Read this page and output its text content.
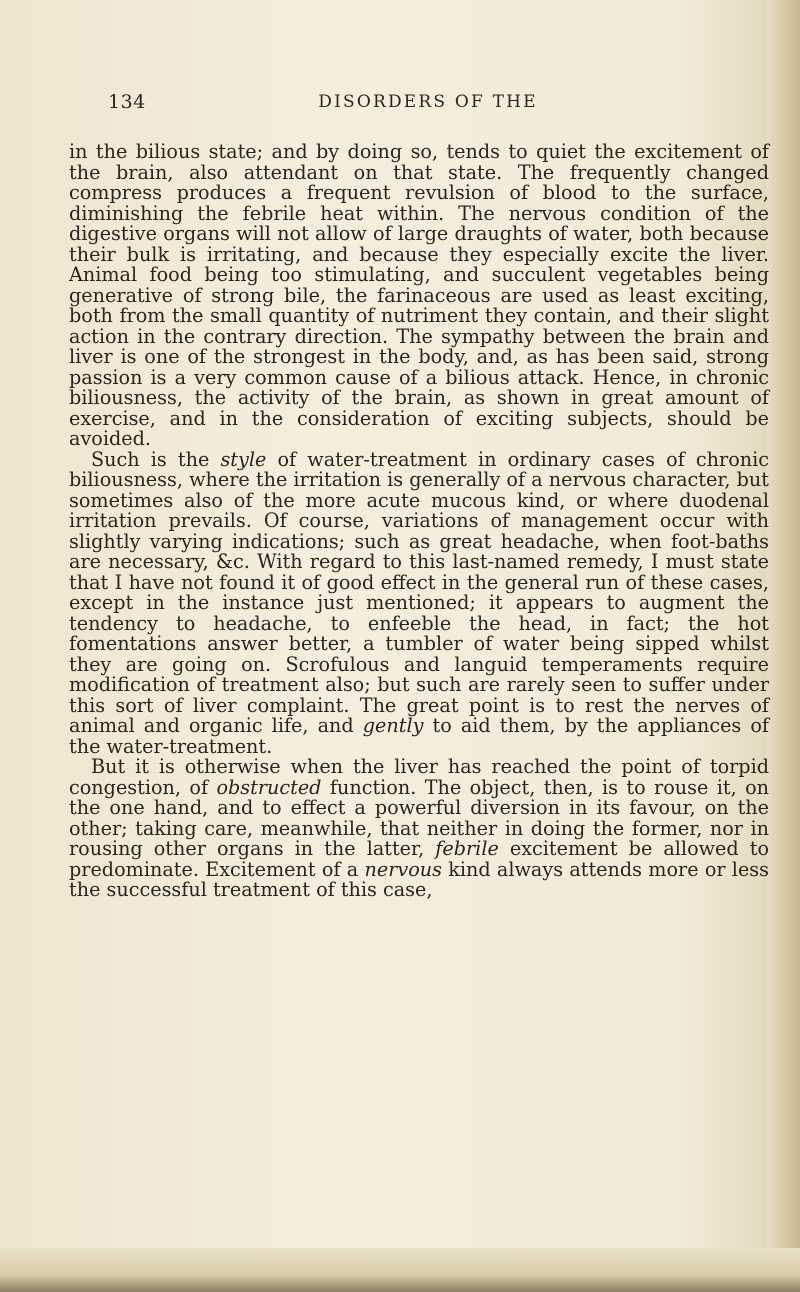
134	DISORDERS OF THE

in the bilious state; and by doing so, tends to quiet the excitement of the brain, also attendant on that state. The frequently changed compress produces a frequent revulsion of blood to the surface, diminishing the febrile heat within. The nervous condition of the digestive organs will not allow of large draughts of water, both because their bulk is irritating, and because they especially excite the liver. Animal food being too stimulating, and succulent vegetables being generative of strong bile, the farinaceous are used as least exciting, both from the small quantity of nutriment they contain, and their slight action in the contrary direction. The sympathy between the brain and liver is one of the strongest in the body, and, as has been said, strong passion is a very common cause of a bilious attack. Hence, in chronic biliousness, the activity of the brain, as shown in great amount of exercise, and in the consideration of exciting subjects, should be avoided.

Such is the style of water-treatment in ordinary cases of chronic biliousness, where the irritation is generally of a nervous character, but sometimes also of the more acute mucous kind, or where duodenal irritation prevails. Of course, variations of management occur with slightly varying indications; such as great headache, when foot-baths are necessary, &c. With regard to this last-named remedy, I must state that I have not found it of good effect in the general run of these cases, except in the instance just mentioned; it appears to augment the tendency to headache, to enfeeble the head, in fact; the hot fomentations answer better, a tumbler of water being sipped whilst they are going on. Scrofulous and languid temperaments require modification of treatment also; but such are rarely seen to suffer under this sort of liver complaint. The great point is to rest the nerves of animal and organic life, and gently to aid them, by the appliances of the water-treatment.

But it is otherwise when the liver has reached the point of torpid congestion, of obstructed function. The object, then, is to rouse it, on the one hand, and to effect a powerful diversion in its favour, on the other; taking care, meanwhile, that neither in doing the former, nor in rousing other organs in the latter, febrile excitement be allowed to predominate. Excitement of a nervous kind always attends more or less the successful treatment of this case,
